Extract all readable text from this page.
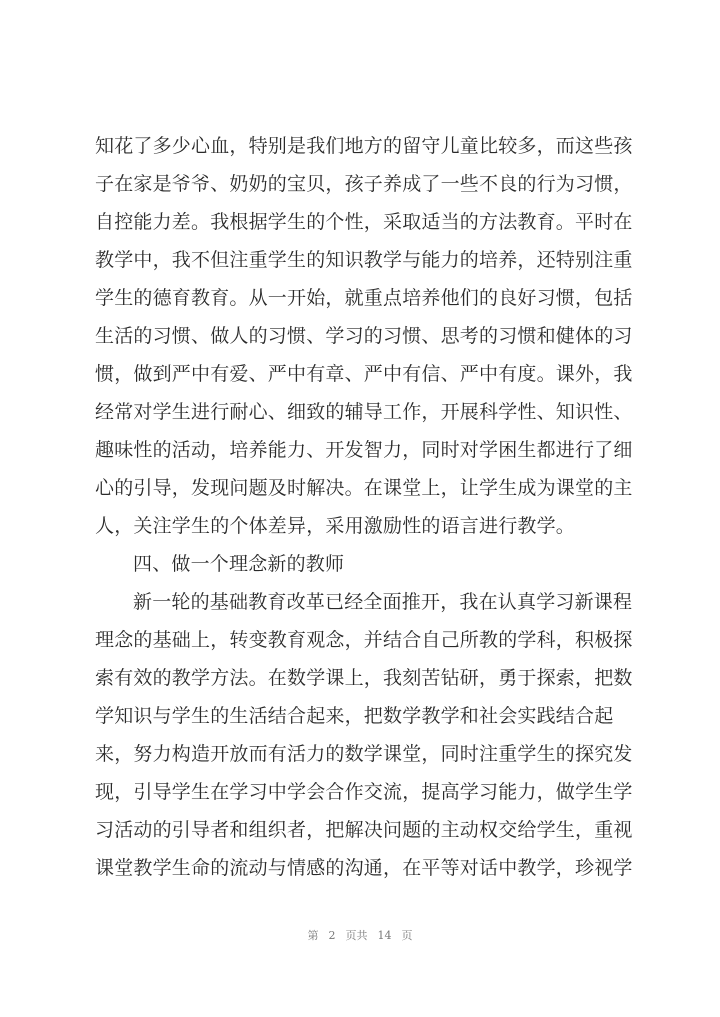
知花了多少心血，特别是我们地方的留守儿童比较多，而这些孩
子在家是爷爷、奶奶的宝贝，孩子养成了一些不良的行为习惯，
自控能力差。我根据学生的个性，采取适当的方法教育。平时在
教学中，我不但注重学生的知识教学与能力的培养，还特别注重
学生的德育教育。从一开始，就重点培养他们的良好习惯，包括
生活的习惯、做人的习惯、学习的习惯、思考的习惯和健体的习
惯，做到严中有爱、严中有章、严中有信、严中有度。课外，我
经常对学生进行耐心、细致的辅导工作，开展科学性、知识性、
趣味性的活动，培养能力、开发智力，同时对学困生都进行了细
心的引导，发现问题及时解决。在课堂上，让学生成为课堂的主
人，关注学生的个体差异，采用激励性的语言进行教学。
四、做一个理念新的教师
新一轮的基础教育改革已经全面推开，我在认真学习新课程
理念的基础上，转变教育观念，并结合自己所教的学科，积极探
索有效的教学方法。在数学课上，我刻苦钻研，勇于探索，把数
学知识与学生的生活结合起来，把数学教学和社会实践结合起
来，努力构造开放而有活力的数学课堂，同时注重学生的探究发
现，引导学生在学习中学会合作交流，提高学习能力，做学生学
习活动的引导者和组织者，把解决问题的主动权交给学生，重视
课堂教学生命的流动与情感的沟通，在平等对话中教学，珍视学
第 2 页共 14 页
